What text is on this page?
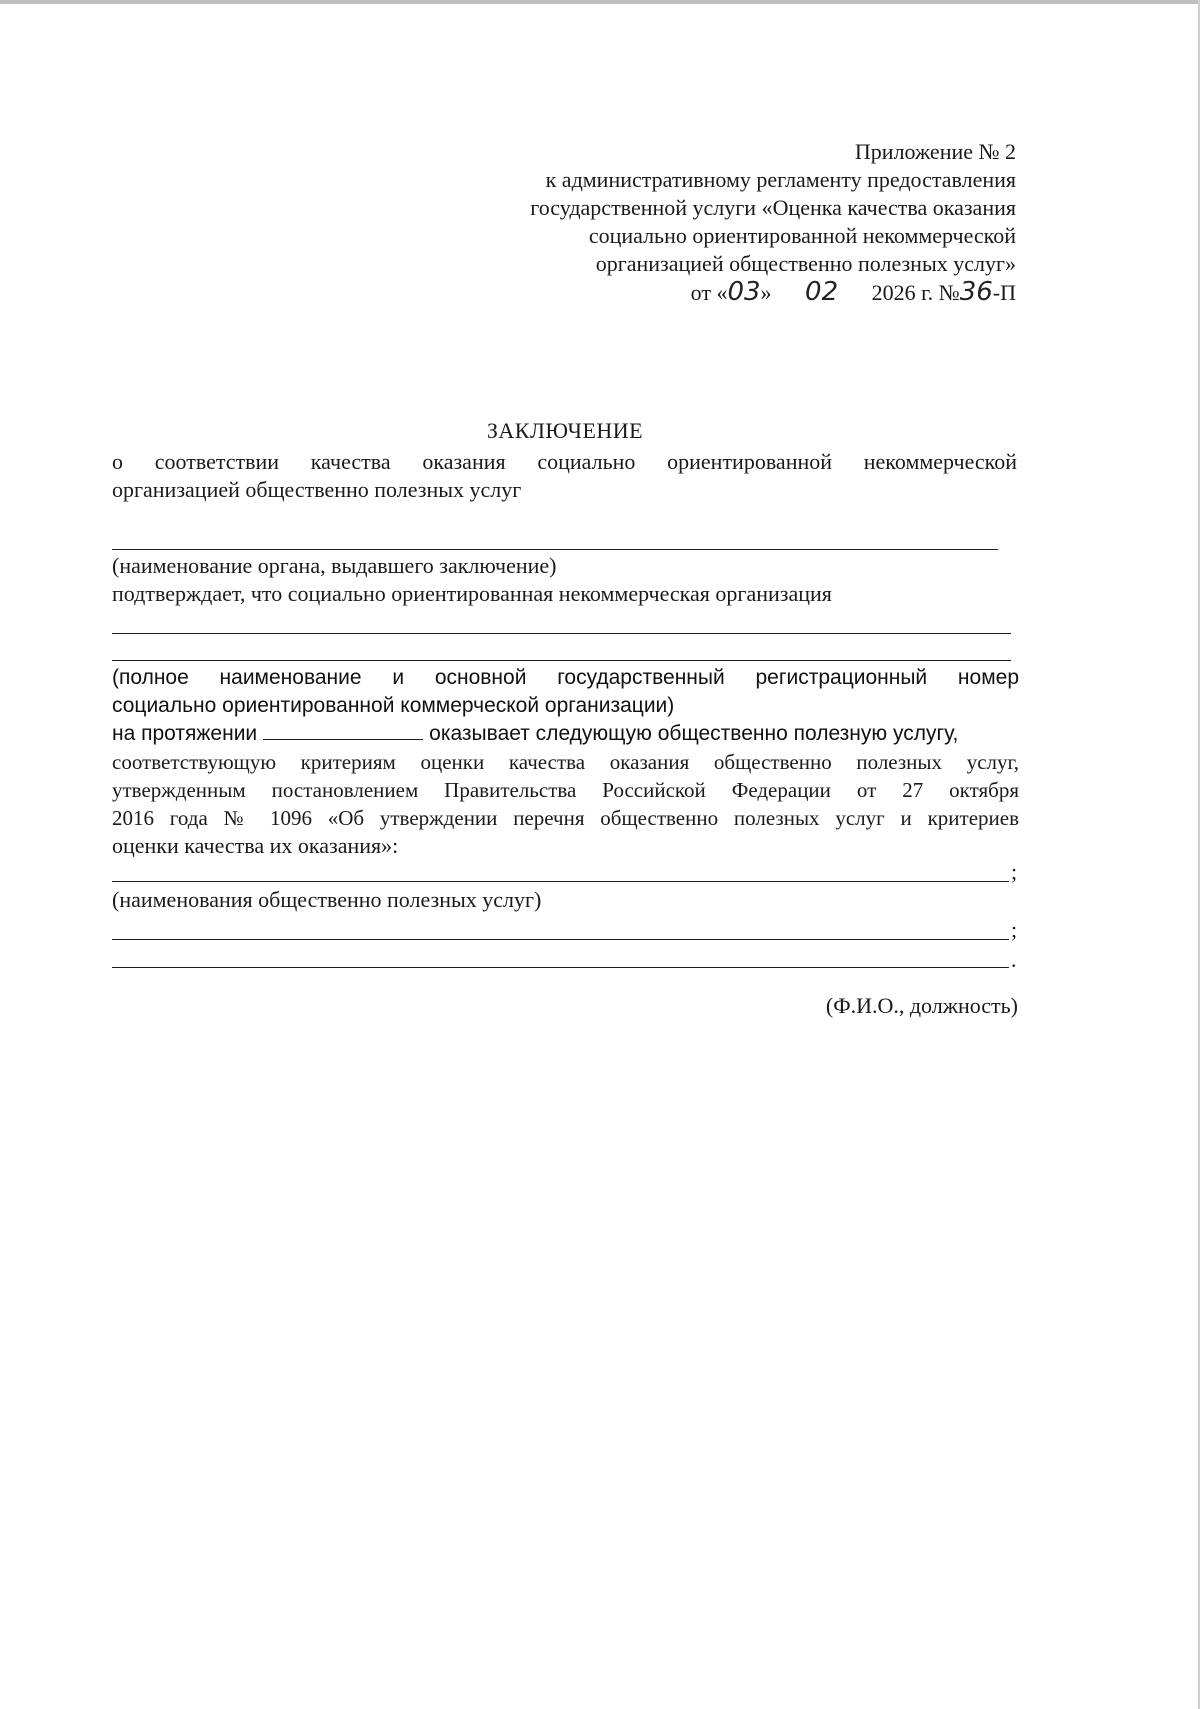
Приложение № 2
к административному регламенту предоставления
государственной услуги «Оценка качества оказания
социально ориентированной некоммерческой
организацией общественно полезных услуг»
от «03» 02 2026 г. №36-П
ЗАКЛЮЧЕНИЕ
о соответствии качества оказания социально ориентированной некоммерческой
организацией общественно полезных услуг
(наименование органа, выдавшего заключение)
подтверждает, что социально ориентированная некоммерческая организация
(полное наименование и основной государственный регистрационный номер
социально ориентированной коммерческой организации)
на протяжении	оказывает следующую общественно полезную услугу,
соответствующую критериям оценки качества оказания общественно полезных услуг,
утвержденным постановлением Правительства Российской Федерации от 27 октября
2016 года № 1096 «Об утверждении перечня общественно полезных услуг и критериев
оценки качества их оказания»:
;
(наименования общественно полезных услуг)
;
.
(Ф.И.О., должность)
